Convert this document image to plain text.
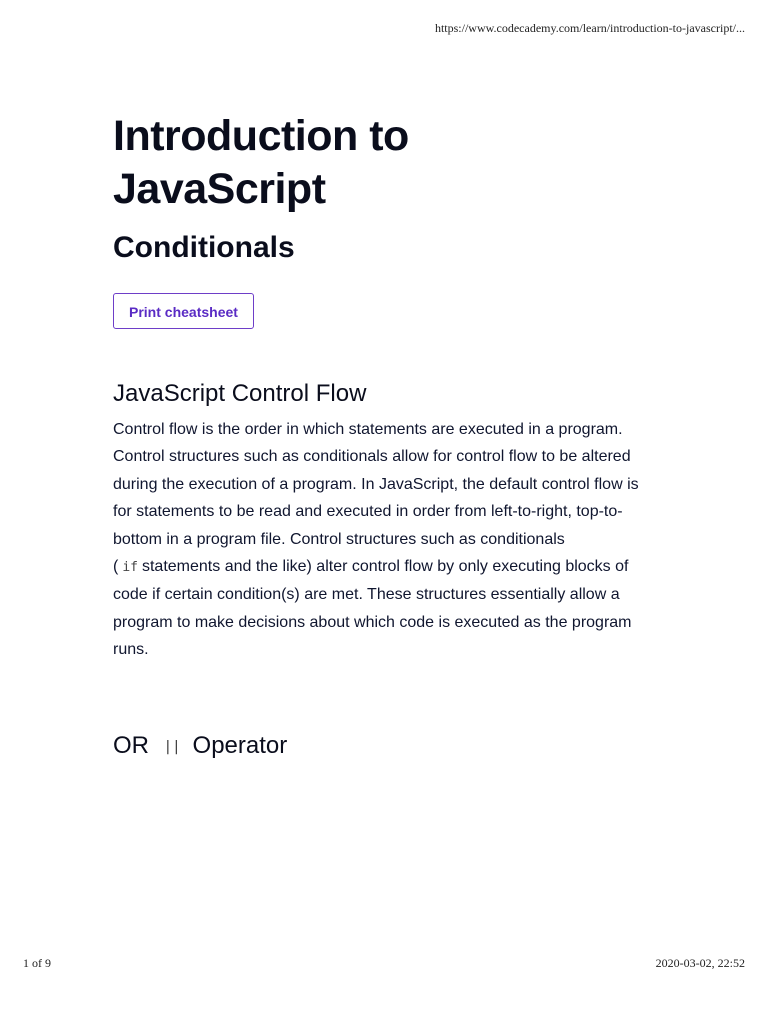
https://www.codecademy.com/learn/introduction-to-javascript/...
Introduction to JavaScript
Conditionals
Print cheatsheet
JavaScript Control Flow

Control flow is the order in which statements are executed in a program. Control structures such as conditionals allow for control flow to be altered during the execution of a program. In JavaScript, the default control flow is for statements to be read and executed in order from left-to-right, top-to-bottom in a program file. Control structures such as conditionals ( if statements and the like) alter control flow by only executing blocks of code if certain condition(s) are met. These structures essentially allow a program to make decisions about which code is executed as the program runs.

OR || Operator
1 of 9	2020-03-02, 22:52
